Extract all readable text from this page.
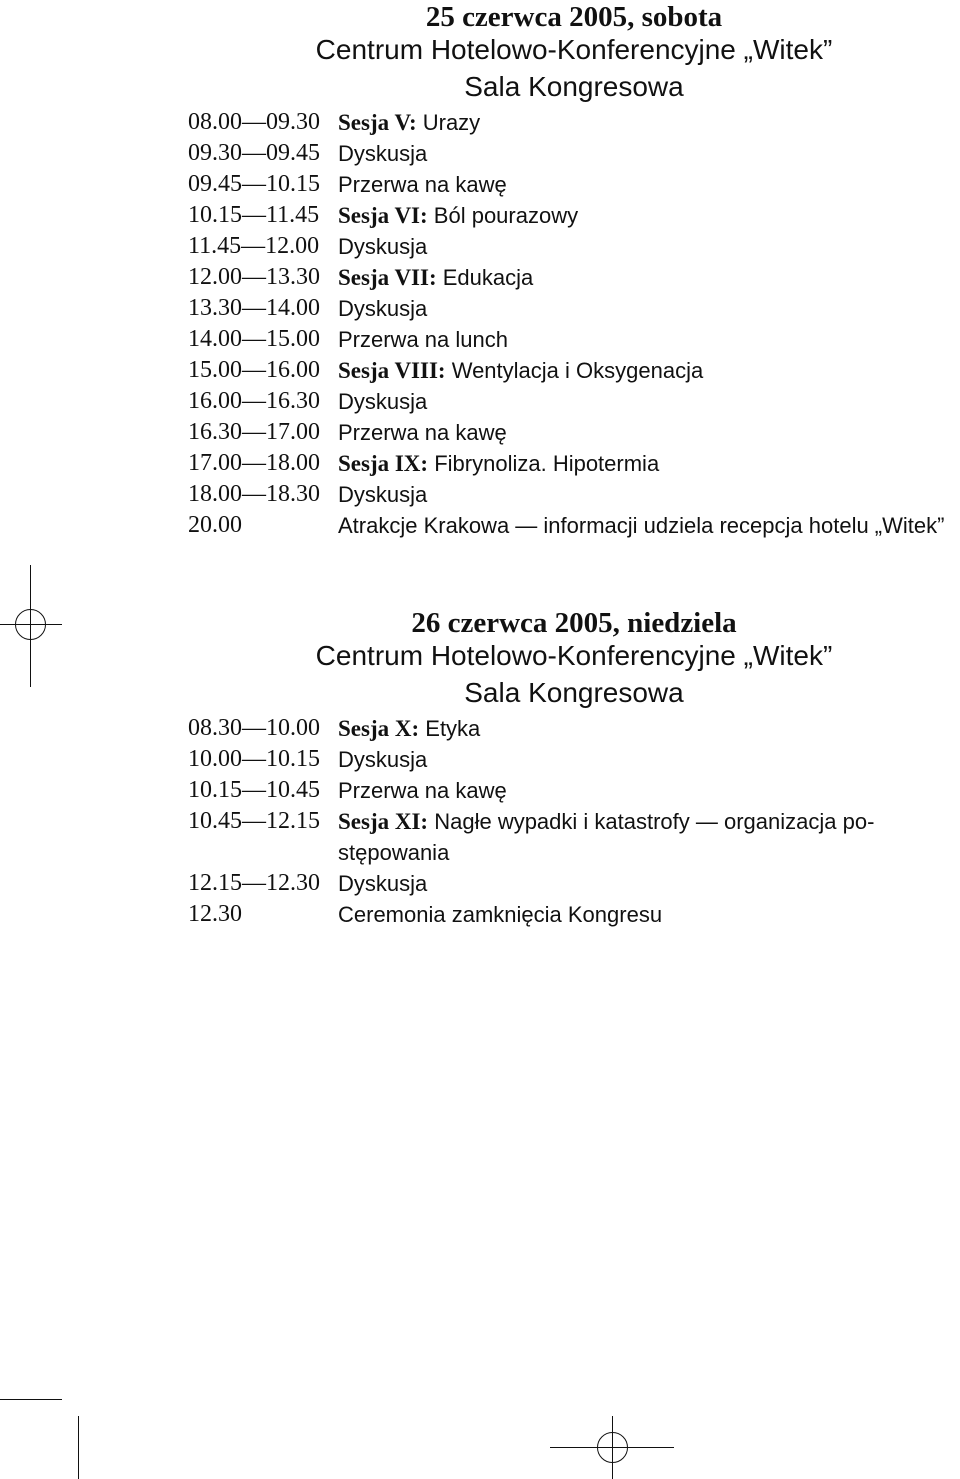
25 czerwca 2005, sobota
Centrum Hotelowo-Konferencyjne „Witek”
Sala Kongresowa
08.00—09.30 Sesja V: Urazy
09.30—09.45 Dyskusja
09.45—10.15 Przerwa na kawę
10.15—11.45 Sesja VI: Ból pourazowy
11.45—12.00 Dyskusja
12.00—13.30 Sesja VII: Edukacja
13.30—14.00 Dyskusja
14.00—15.00 Przerwa na lunch
15.00—16.00 Sesja VIII: Wentylacja i Oksygenacja
16.00—16.30 Dyskusja
16.30—17.00 Przerwa na kawę
17.00—18.00 Sesja IX: Fibrynoliza. Hipotermia
18.00—18.30 Dyskusja
20.00	Atrakcje Krakowa — informacji udziela recepcja hotelu „Witek”
26 czerwca 2005, niedziela
Centrum Hotelowo-Konferencyjne „Witek”
Sala Kongresowa
08.30—10.00 Sesja X: Etyka
10.00—10.15 Dyskusja
10.15—10.45 Przerwa na kawę
10.45—12.15 Sesja XI: Nagłe wypadki i katastrofy — organizacja po-stępowania
12.15—12.30 Dyskusja
12.30	Ceremonia zamknięcia Kongresu
